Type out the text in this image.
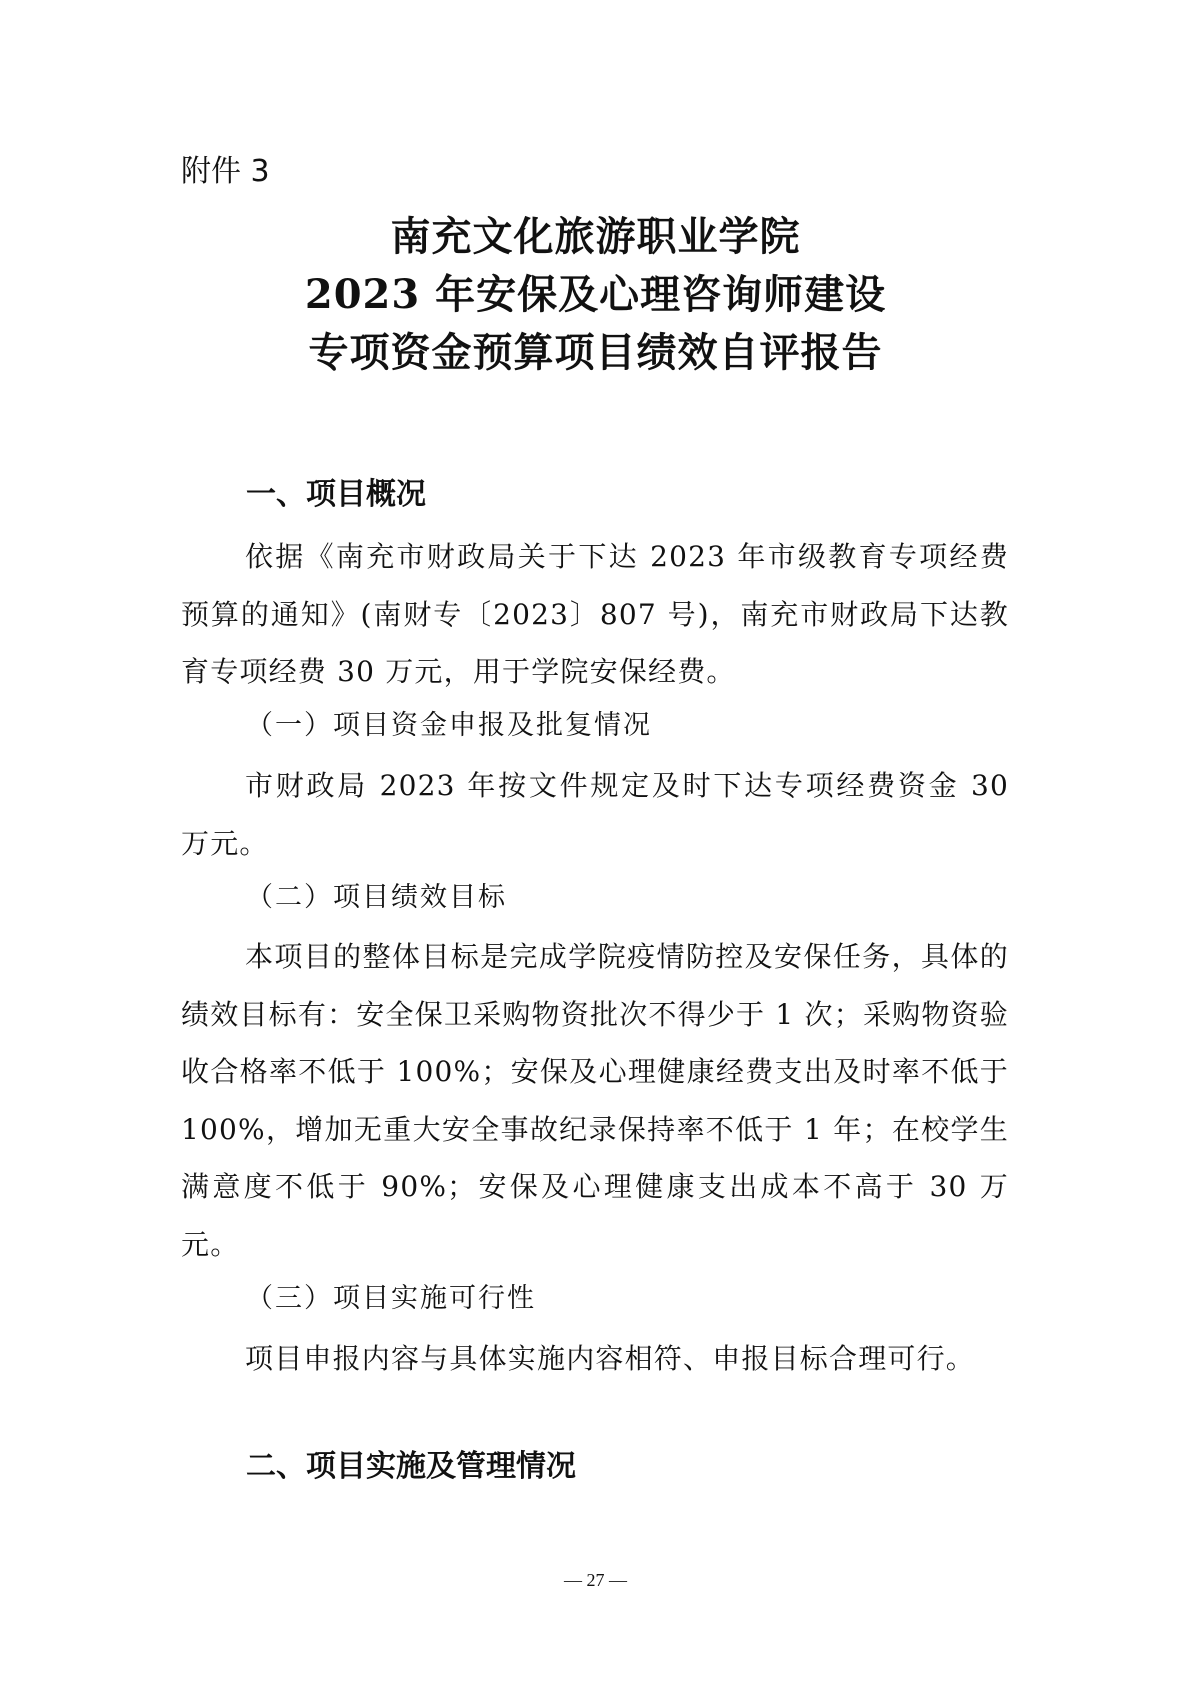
附件 3
南充文化旅游职业学院
2023 年安保及心理咨询师建设
专项资金预算项目绩效自评报告
一、项目概况
依据《南充市财政局关于下达 2023 年市级教育专项经费预算的通知》(南财专〔2023〕807 号)，南充市财政局下达教育专项经费 30 万元，用于学院安保经费。
（一）项目资金申报及批复情况
市财政局 2023 年按文件规定及时下达专项经费资金 30 万元。
（二）项目绩效目标
本项目的整体目标是完成学院疫情防控及安保任务，具体的 绩效目标有：安全保卫采购物资批次不得少于 1 次；采购物资验收合格率不低于 100%；安保及心理健康经费支出及时率不低于 100%，增加无重大安全事故纪录保持率不低于 1 年；在校学生满意度不低于 90%；安保及心理健康支出成本不高于 30 万元。
（三）项目实施可行性
项目申报内容与具体实施内容相符、申报目标合理可行。
二、项目实施及管理情况
— 27 —
